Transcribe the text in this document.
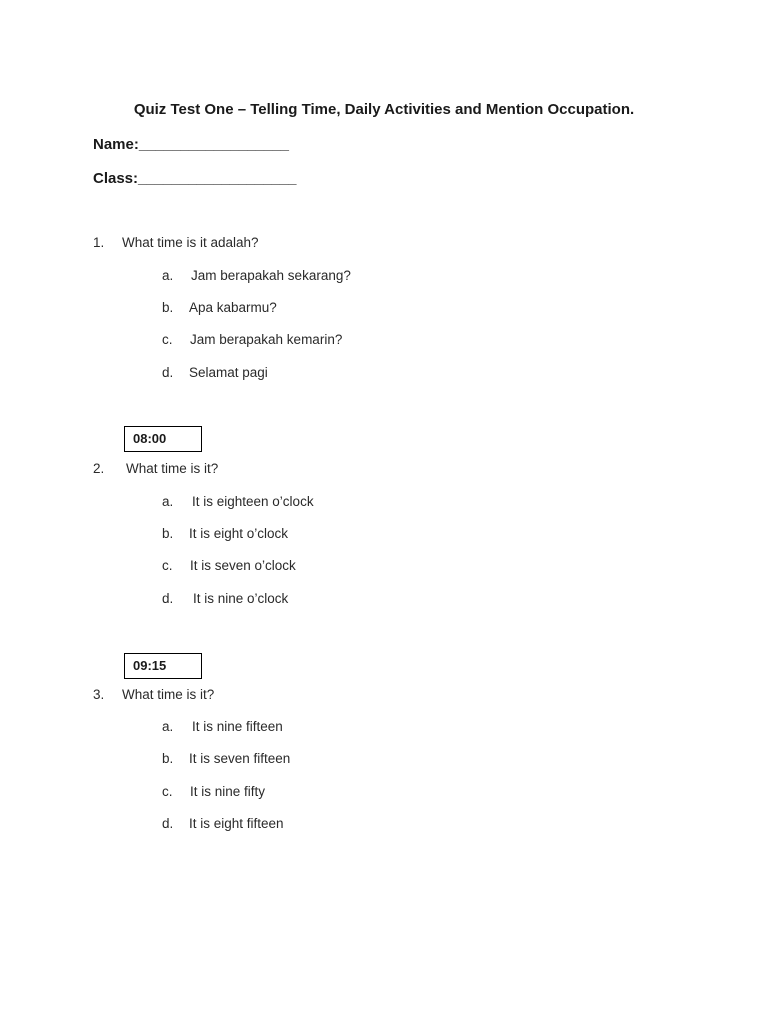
Quiz Test One – Telling Time, Daily Activities and Mention Occupation.
Name:__________________
Class:___________________
1. What time is it adalah?
a. Jam berapakah sekarang?
b. Apa kabarmu?
c. Jam berapakah kemarin?
d. Selamat pagi
08:00
2. What time is it?
a. It is eighteen o’clock
b. It is eight o’clock
c. It is seven o’clock
d. It is nine o’clock
09:15
3. What time is it?
a. It is nine fifteen
b. It is seven fifteen
c. It is nine fifty
d. It is eight fifteen
